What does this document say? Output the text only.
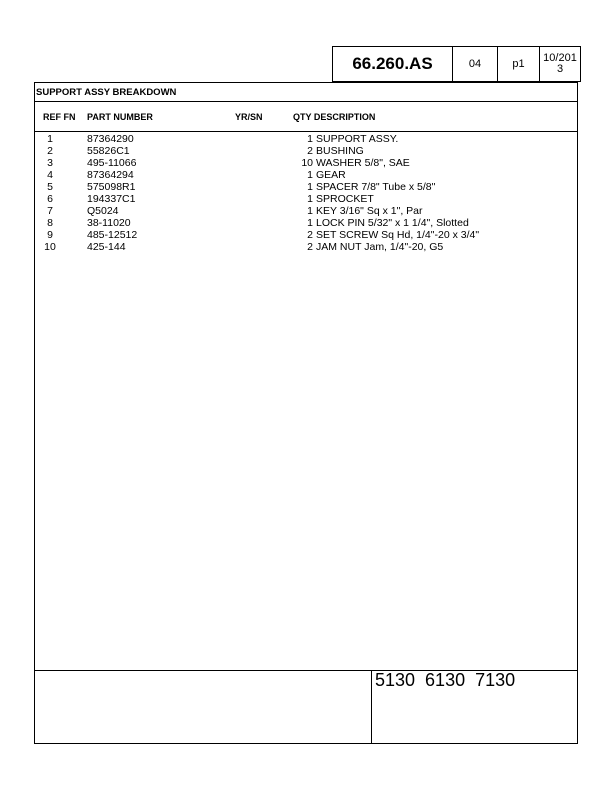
66.260.AS	04	p1	10/201
3
SUPPORT ASSY BREAKDOWN
REF FN PART NUMBER	YR/SN	QTY DESCRIPTION
1	87364290	1 SUPPORT ASSY.
2	55826C1	2 BUSHING
3	495-11066	10 WASHER 5/8", SAE
4	87364294	1 GEAR
5	575098R1	1 SPACER 7/8" Tube x 5/8"
6	194337C1	1 SPROCKET
7	Q5024	1 KEY 3/16" Sq x 1", Par
8	38-11020	1 LOCK PIN 5/32" x 1 1/4", Slotted
9	485-12512	2 SET SCREW Sq Hd, 1/4"-20 x 3/4"
10	425-144	2 JAM NUT Jam, 1/4"-20, G5
5130  6130  7130
